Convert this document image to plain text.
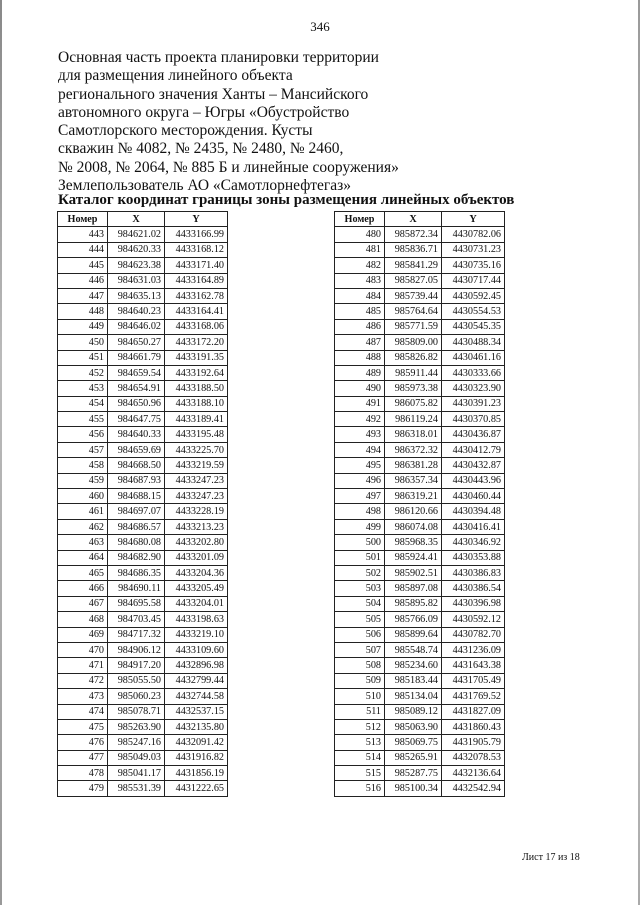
346
Основная часть проекта планировки территории
для размещения линейного объекта
регионального значения Ханты – Мансийского
автономного округа – Югры «Обустройство
Самотлорского месторождения. Кусты
скважин № 4082, № 2435, № 2480, № 2460,
№ 2008, № 2064, № 885 Б и линейные сооружения»
Землепользователь АО «Самотлорнефтегаз»
Каталог координат границы зоны размещения линейных объектов
Номер	X	Y
443	984621.02	4433166.99
444	984620.33	4433168.12
445	984623.38	4433171.40
446	984631.03	4433164.89
447	984635.13	4433162.78
448	984640.23	4433164.41
449	984646.02	4433168.06
450	984650.27	4433172.20
451	984661.79	4433191.35
452	984659.54	4433192.64
453	984654.91	4433188.50
454	984650.96	4433188.10
455	984647.75	4433189.41
456	984640.33	4433195.48
457	984659.69	4433225.70
458	984668.50	4433219.59
459	984687.93	4433247.23
460	984688.15	4433247.23
461	984697.07	4433228.19
462	984686.57	4433213.23
463	984680.08	4433202.80
464	984682.90	4433201.09
465	984686.35	4433204.36
466	984690.11	4433205.49
467	984695.58	4433204.01
468	984703.45	4433198.63
469	984717.32	4433219.10
470	984906.12	4433109.60
471	984917.20	4432896.98
472	985055.50	4432799.44
473	985060.23	4432744.58
474	985078.71	4432537.15
475	985263.90	4432135.80
476	985247.16	4432091.42
477	985049.03	4431916.82
478	985041.17	4431856.19
479	985531.39	4431222.65
Номер	X	Y
480	985872.34	4430782.06
481	985836.71	4430731.23
482	985841.29	4430735.16
483	985827.05	4430717.44
484	985739.44	4430592.45
485	985764.64	4430554.53
486	985771.59	4430545.35
487	985809.00	4430488.34
488	985826.82	4430461.16
489	985911.44	4430333.66
490	985973.38	4430323.90
491	986075.82	4430391.23
492	986119.24	4430370.85
493	986318.01	4430436.87
494	986372.32	4430412.79
495	986381.28	4430432.87
496	986357.34	4430443.96
497	986319.21	4430460.44
498	986120.66	4430394.48
499	986074.08	4430416.41
500	985968.35	4430346.92
501	985924.41	4430353.88
502	985902.51	4430386.83
503	985897.08	4430386.54
504	985895.82	4430396.98
505	985766.09	4430592.12
506	985899.64	4430782.70
507	985548.74	4431236.09
508	985234.60	4431643.38
509	985183.44	4431705.49
510	985134.04	4431769.52
511	985089.12	4431827.09
512	985063.90	4431860.43
513	985069.75	4431905.79
514	985265.91	4432078.53
515	985287.75	4432136.64
516	985100.34	4432542.94
Лист 17 из 18
